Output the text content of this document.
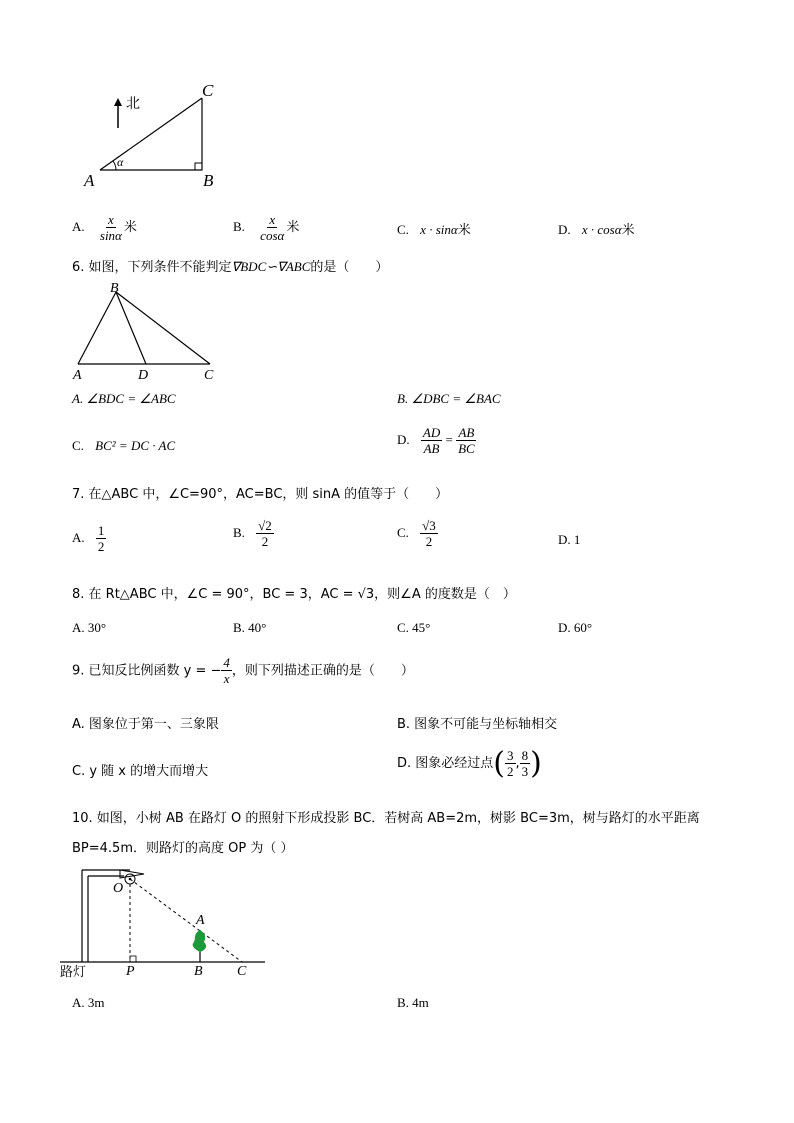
北
α
A	B
C
A. $\frac{x}{\sin\alpha}$ 米	B. $\frac{x}{\cos\alpha}$ 米	C. x · sinα米	D. x · cosα米
6. 如图，下列条件不能判定∇BDC∽∇ABC的是（　　）
B
A	D	C
A. ∠BDC = ∠ABC	B. ∠DBC = ∠BAC
C. BC² = DC · AC	D. $\frac{AD}{AB} = \frac{AB}{BC}$
7. 在△ABC 中，∠C=90°，AC=BC，则 sinA 的值等于（　　）
A. $\frac{1}{2}$	B. $\frac{√2}{2}$	C. $\frac{√3}{2}$	D. 1
8. 在 Rt△ABC 中，∠C = 90°，BC = 3，AC = √3，则∠A 的度数是（　）
A. 30°	B. 40°	C. 45°	D. 60°
9. 已知反比例函数 y = − $\frac{4}{x}$ ，则下列描述正确的是（　　）
A. 图象位于第一、三象限	B. 图象不可能与坐标轴相交
C. y 随 x 的增大而增大
D. 图象必经过点( $\frac{3}{2}$ , $\frac{8}{3}$ )
10. 如图，小树 AB 在路灯 O 的照射下形成投影 BC．若树高 AB=2m，树影 BC=3m，树与路灯的水平距离
BP=4.5m．则路灯的高度 OP 为（ ）
O
A
P	B C
路灯
A. 3m	B. 4m
